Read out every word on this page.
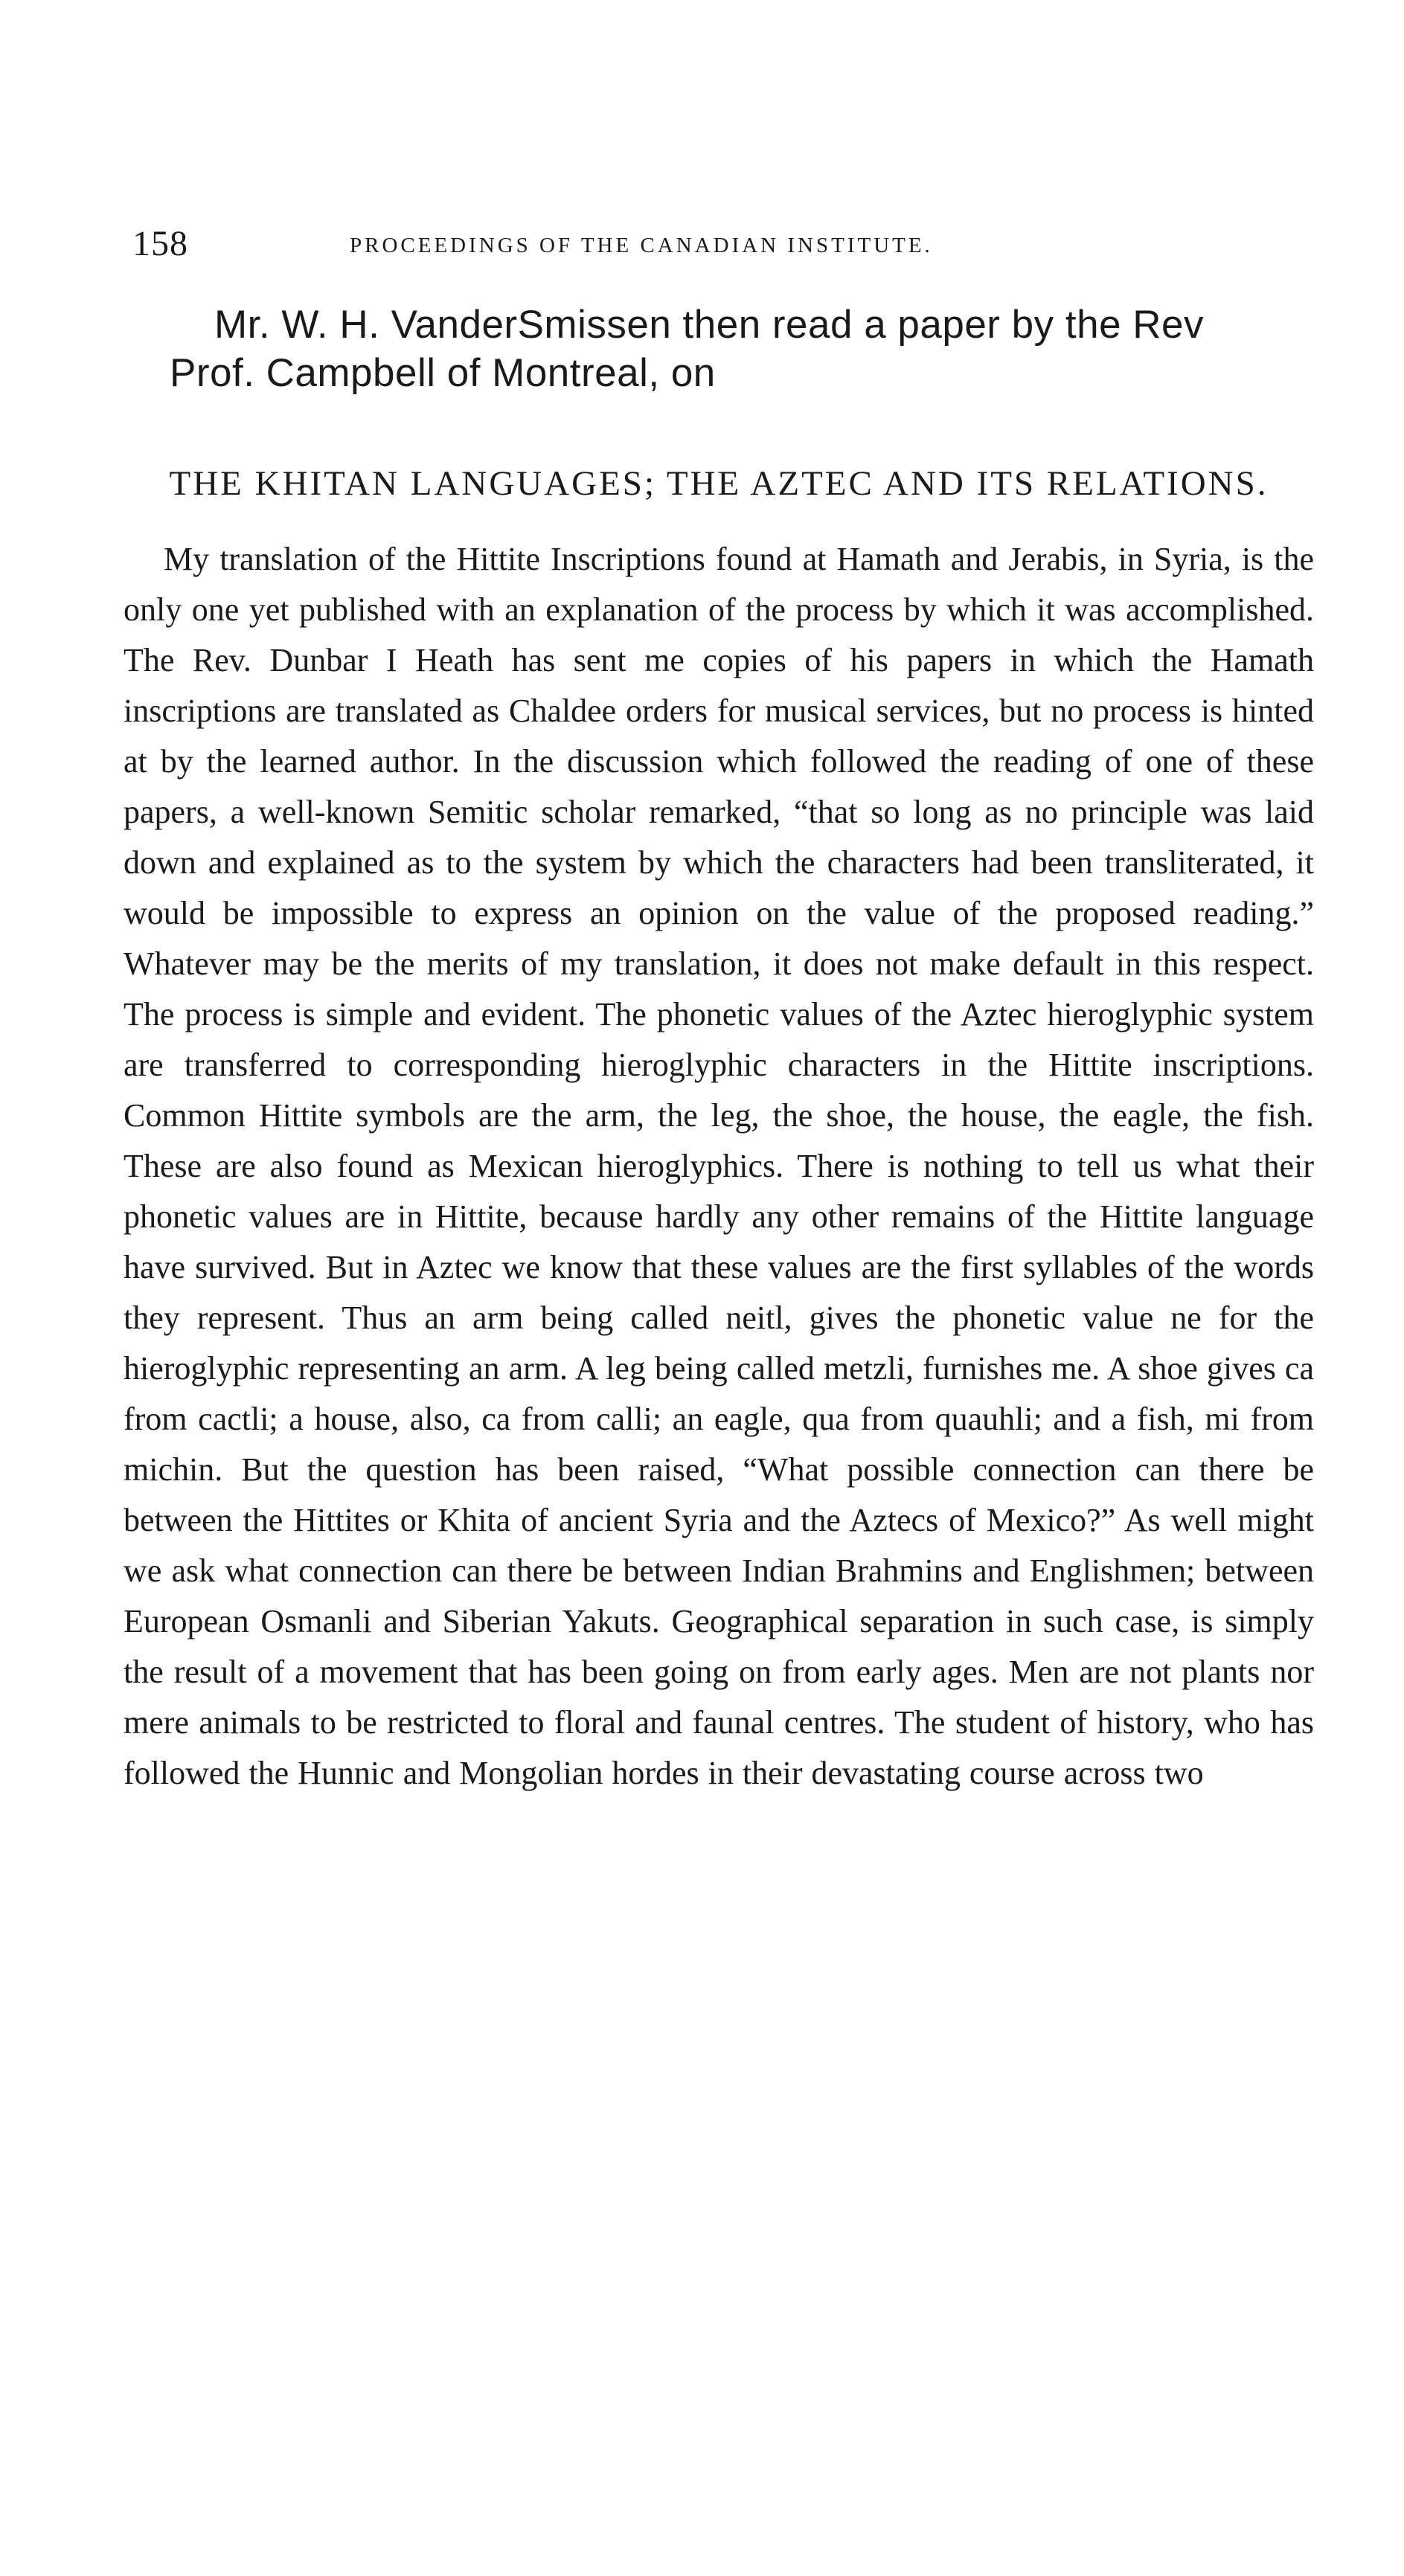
158	PROCEEDINGS OF THE CANADIAN INSTITUTE.

Mr. W. H. VanderSmissen then read a paper by the Rev
Prof. Campbell of Montreal, on

THE KHITAN LANGUAGES; THE AZTEC AND ITS RELATIONS.

My translation of the Hittite Inscriptions found at Hamath and Jerabis, in Syria, is the only one yet published with an explanation of the process by which it was accomplished. The Rev. Dunbar I Heath has sent me copies of his papers in which the Hamath inscriptions are translated as Chaldee orders for musical services, but no process is hinted at by the learned author. In the discussion which followed the reading of one of these papers, a well-known Semitic scholar remarked, “that so long as no principle was laid down and explained as to the system by which the characters had been transliterated, it would be impossible to express an opinion on the value of the proposed reading.” Whatever may be the merits of my translation, it does not make default in this respect. The process is simple and evident. The phonetic values of the Aztec hieroglyphic system are transferred to corresponding hieroglyphic characters in the Hittite inscriptions. Common Hittite symbols are the arm, the leg, the shoe, the house, the eagle, the fish. These are also found as Mexican hieroglyphics. There is nothing to tell us what their phonetic values are in Hittite, because hardly any other remains of the Hittite language have survived. But in Aztec we know that these values are the first syllables of the words they represent. Thus an arm being called neitl, gives the phonetic value ne for the hieroglyphic representing an arm. A leg being called metzli, furnishes me. A shoe gives ca from cactli; a house, also, ca from calli; an eagle, qua from quauhli; and a fish, mi from michin. But the question has been raised, “What possible connection can there be between the Hittites or Khita of ancient Syria and the Aztecs of Mexico?” As well might we ask what connection can there be between Indian Brahmins and Englishmen; between European Osmanli and Siberian Yakuts. Geographical separation in such case, is simply the result of a movement that has been going on from early ages. Men are not plants nor mere animals to be restricted to floral and faunal centres. The student of history, who has followed the Hunnic and Mongolian hordes in their devastating course across two
